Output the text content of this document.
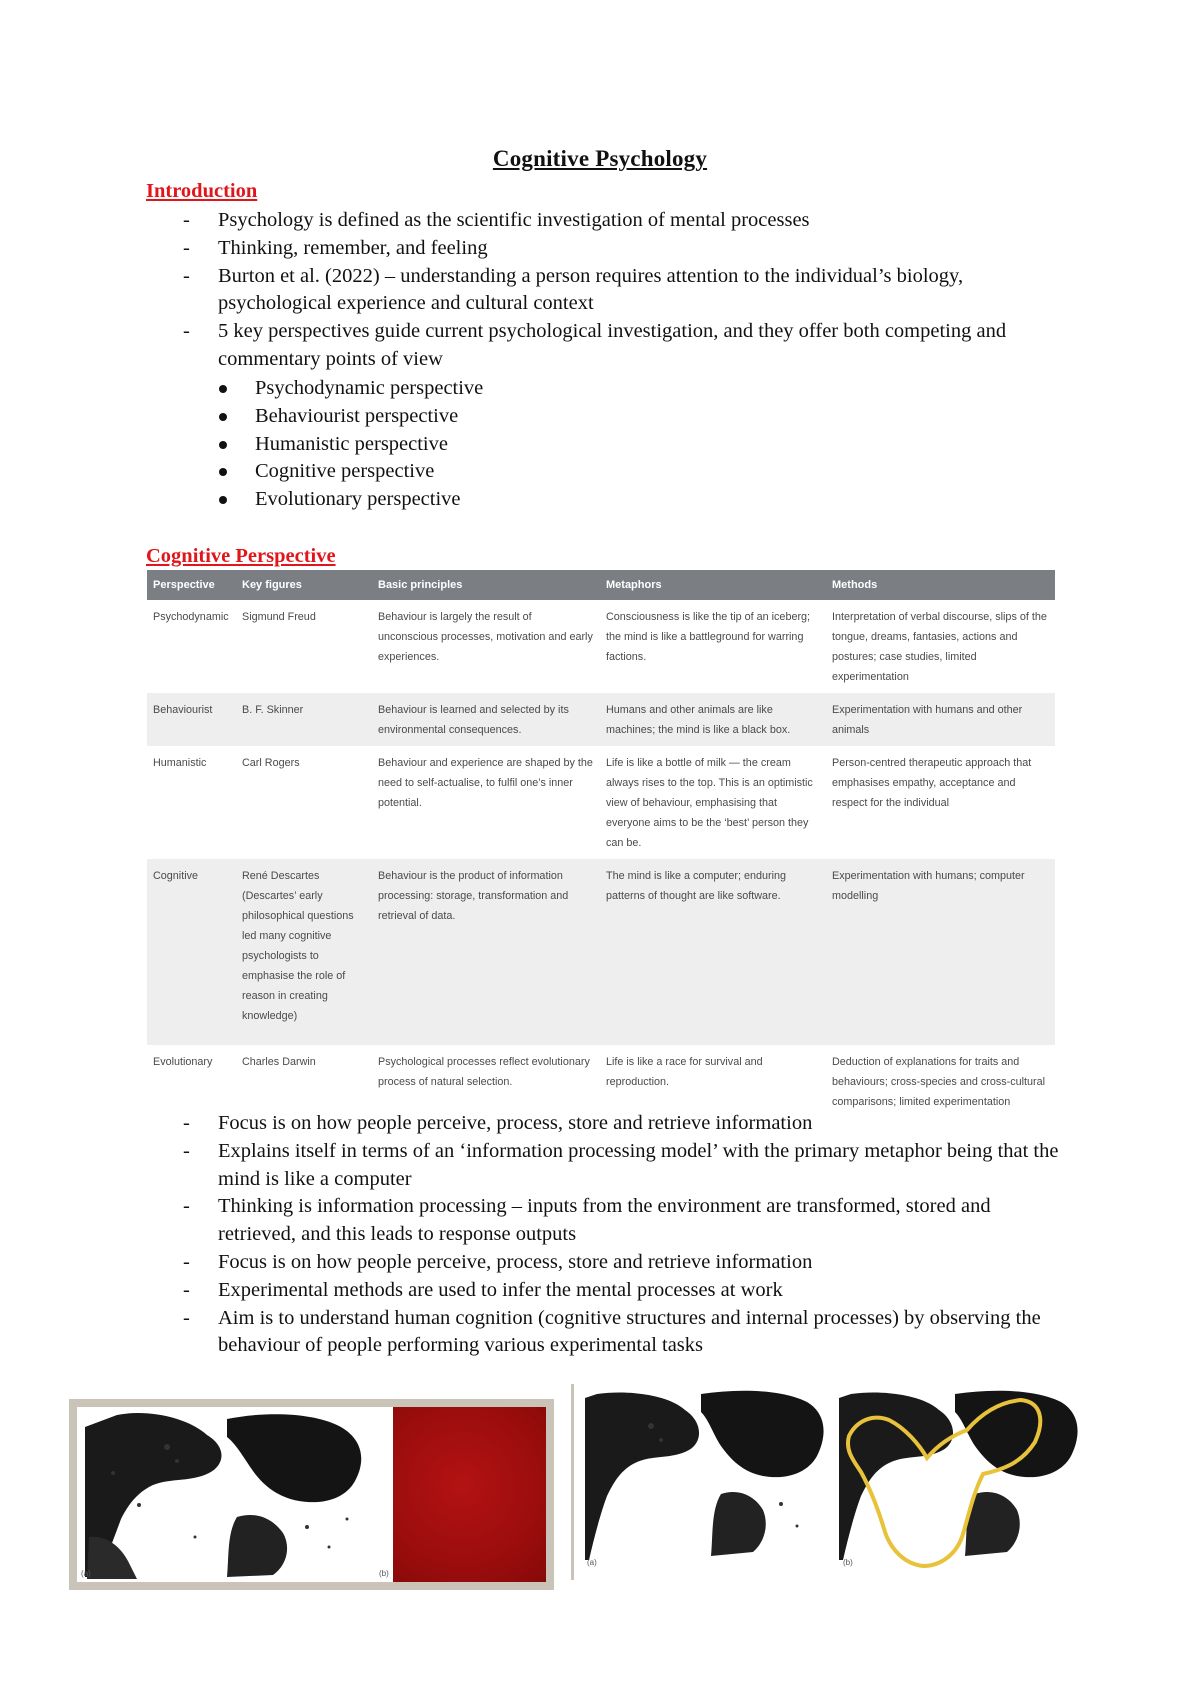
Cognitive Psychology
Introduction
- Psychology is defined as the scientific investigation of mental processes
- Thinking, remember, and feeling
- Burton et al. (2022) – understanding a person requires attention to the individual’s biology, psychological experience and cultural context
- 5 key perspectives guide current psychological investigation, and they offer both competing and commentary points of view
Psychodynamic perspective
Behaviourist perspective
Humanistic perspective
Cognitive perspective
Evolutionary perspective
Cognitive Perspective
Perspective	Key figures	Basic principles	Metaphors	Methods
Psychodynamic	Sigmund Freud	Behaviour is largely the result of unconscious processes, motivation and early experiences.	Consciousness is like the tip of an iceberg; the mind is like a battleground for warring factions.	Interpretation of verbal discourse, slips of the tongue, dreams, fantasies, actions and postures; case studies, limited experimentation
Behaviourist	B. F. Skinner	Behaviour is learned and selected by its environmental consequences.	Humans and other animals are like machines; the mind is like a black box.	Experimentation with humans and other animals
Humanistic	Carl Rogers	Behaviour and experience are shaped by the need to self-actualise, to fulfil one’s inner potential.	Life is like a bottle of milk — the cream always rises to the top. This is an optimistic view of behaviour, emphasising that everyone aims to be the ‘best’ person they can be.	Person-centred therapeutic approach that emphasises empathy, acceptance and respect for the individual
Cognitive	René Descartes (Descartes’ early philosophical questions led many cognitive psychologists to emphasise the role of reason in creating knowledge)	Behaviour is the product of information processing: storage, transformation and retrieval of data.	The mind is like a computer; enduring patterns of thought are like software.	Experimentation with humans; computer modelling
Evolutionary	Charles Darwin	Psychological processes reflect evolutionary process of natural selection.	Life is like a race for survival and reproduction.	Deduction of explanations for traits and behaviours; cross-species and cross-cultural comparisons; limited experimentation
- Focus is on how people perceive, process, store and retrieve information
- Explains itself in terms of an ‘information processing model’ with the primary metaphor being that the mind is like a computer
- Thinking is information processing – inputs from the environment are transformed, stored and retrieved, and this leads to response outputs
- Focus is on how people perceive, process, store and retrieve information
- Experimental methods are used to infer the mental processes at work
- Aim is to understand human cognition (cognitive structures and internal processes) by observing the behaviour of people performing various experimental tasks
(a)	(b)
(a)	(b)
